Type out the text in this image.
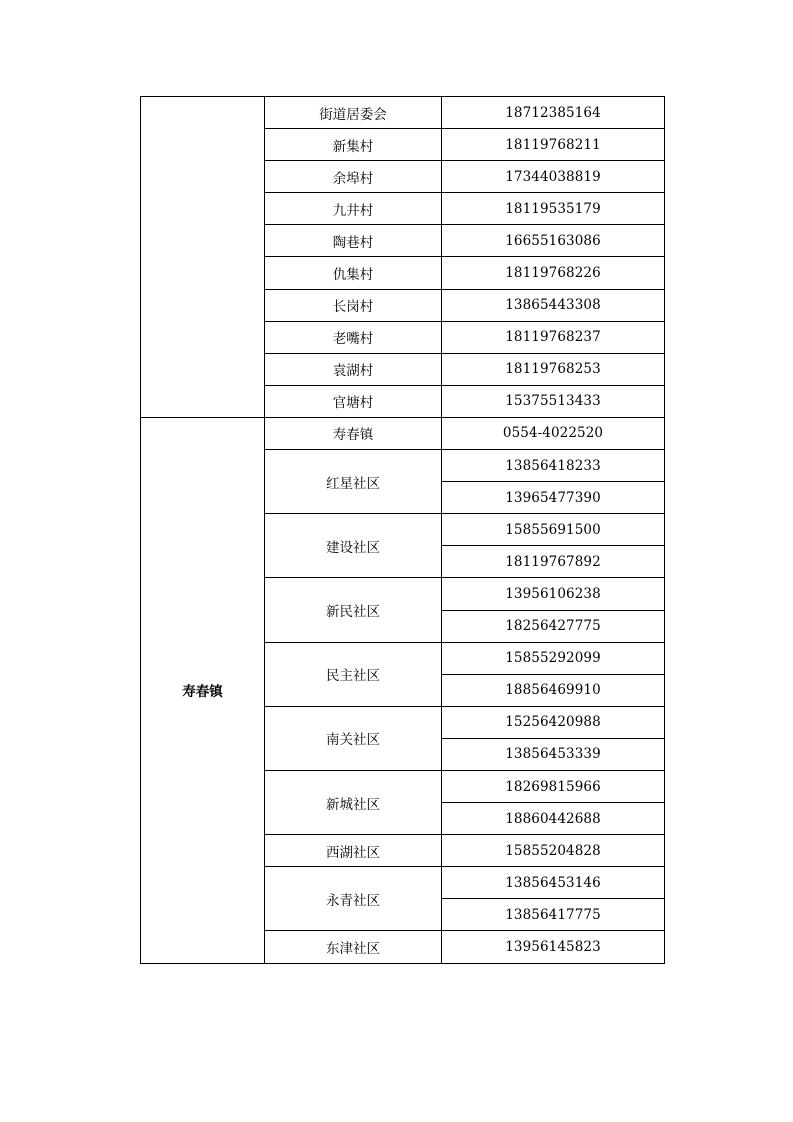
	街道居委会	18712385164
	新集村	18119768211
	余埠村	17344038819
	九井村	18119535179
	陶巷村	16655163086
	仇集村	18119768226
	长岗村	13865443308
	老嘴村	18119768237
	袁湖村	18119768253
	官塘村	15375513433
寿春镇	寿春镇	0554-4022520
	红星社区	13856418233
		13965477390
	建设社区	15855691500
		18119767892
	新民社区	13956106238
		18256427775
	民主社区	15855292099
		18856469910
	南关社区	15256420988
		13856453339
	新城社区	18269815966
		18860442688
	西湖社区	15855204828
	永青社区	13856453146
		13856417775
	东津社区	13956145823
